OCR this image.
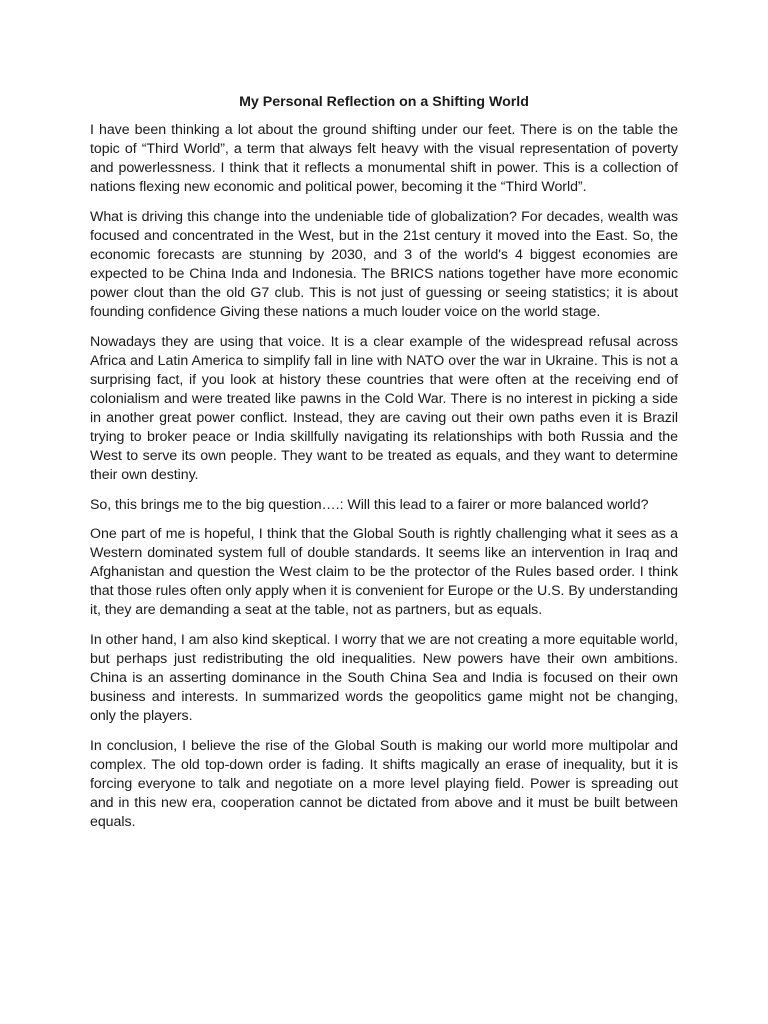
My Personal Reflection on a Shifting World

I have been thinking a lot about the ground shifting under our feet. There is on the table the topic of “Third World”, a term that always felt heavy with the visual representation of poverty and powerlessness. I think that it reflects a monumental shift in power. This is a collection of nations flexing new economic and political power, becoming it the “Third World”.

What is driving this change into the undeniable tide of globalization? For decades, wealth was focused and concentrated in the West, but in the 21st century it moved into the East. So, the economic forecasts are stunning by 2030, and 3 of the world's 4 biggest economies are expected to be China Inda and Indonesia. The BRICS nations together have more economic power clout than the old G7 club. This is not just of guessing or seeing statistics; it is about founding confidence Giving these nations a much louder voice on the world stage.

Nowadays they are using that voice. It is a clear example of the widespread refusal across Africa and Latin America to simplify fall in line with NATO over the war in Ukraine. This is not a surprising fact, if you look at history these countries that were often at the receiving end of colonialism and were treated like pawns in the Cold War. There is no interest in picking a side in another great power conflict. Instead, they are caving out their own paths even it is Brazil trying to broker peace or India skillfully navigating its relationships with both Russia and the West to serve its own people. They want to be treated as equals, and they want to determine their own destiny.

So, this brings me to the big question….: Will this lead to a fairer or more balanced world?

One part of me is hopeful, I think that the Global South is rightly challenging what it sees as a Western dominated system full of double standards. It seems like an intervention in Iraq and Afghanistan and question the West claim to be the protector of the Rules based order. I think that those rules often only apply when it is convenient for Europe or the U.S. By understanding it, they are demanding a seat at the table, not as partners, but as equals.

In other hand, I am also kind skeptical. I worry that we are not creating a more equitable world, but perhaps just redistributing the old inequalities. New powers have their own ambitions. China is an asserting dominance in the South China Sea and India is focused on their own business and interests. In summarized words the geopolitics game might not be changing, only the players.

In conclusion, I believe the rise of the Global South is making our world more multipolar and complex. The old top-down order is fading. It shifts magically an erase of inequality, but it is forcing everyone to talk and negotiate on a more level playing field. Power is spreading out and in this new era, cooperation cannot be dictated from above and it must be built between equals.
